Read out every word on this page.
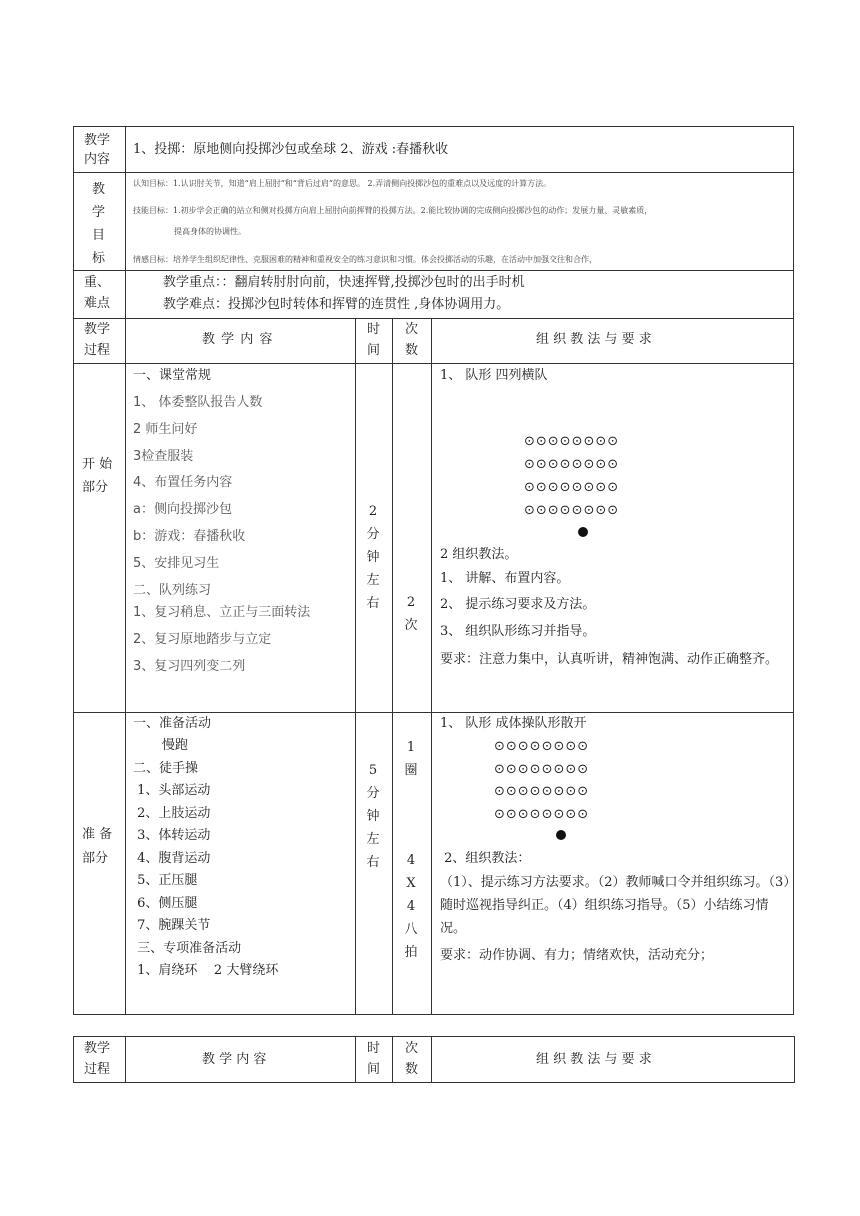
教学
内容
1、投掷：原地侧向投掷沙包或垒球 2、游戏 :春播秋收
教
学
目
标
认知目标：1.认识肘关节，知道“肩上屈肘”和“背后过肩”的意思。 2.弄清侧向投掷沙包的重难点以及远度的计算方法。
技能目标：1.初步学会正确的站立和侧对投掷方向肩上屈肘向前挥臂的投掷方法。2.能比较协调的完成侧向投掷沙包的动作；发展力量、灵敏素质，
提高身体的协调性。
情感目标：培养学生组织纪律性、克服困难的精神和重视安全的练习意识和习惯。体会投掷活动的乐趣，在活动中加强交往和合作，
重、
难点
教学重点：：翻肩转肘肘向前，快速挥臂,投掷沙包时的出手时机
教学难点：投掷沙包时转体和挥臂的连贯性 ,身体协调用力。
教学
过程
教 学 内 容
时
间
次
数
组 织 教 法 与 要 求
开 始
部分
一、课堂常规
1、 体委整队报告人数
2 师生问好
3检查服装
4、布置任务内容
a：侧向投掷沙包
b：游戏：春播秋收
5、安排见习生
二、队列练习
1、复习稍息、立正与三面转法
2、复习原地踏步与立定
3、复习四列变二列
2
分
钟
左
右 2
次
1、 队形 四列横队
⊙⊙⊙⊙⊙⊙⊙⊙
⊙⊙⊙⊙⊙⊙⊙⊙
⊙⊙⊙⊙⊙⊙⊙⊙
⊙⊙⊙⊙⊙⊙⊙⊙
2 组织教法。
1、 讲解、布置内容。
2、 提示练习要求及方法。
3、 组织队形练习并指导。
要求：注意力集中，认真听讲，精神饱满、动作正确整齐。
准 备
部分
一、准备活动
慢跑
二、徒手操
1、头部运动
2、上肢运动
3、体转运动
4、腹背运动
5、正压腿
6、侧压腿
7、腕踝关节
三、专项准备活动
1、肩绕环    2 大臂绕环
5
分
钟
左
右
1
圈
4
X
4
八
拍
1、 队形 成体操队形散开
⊙⊙⊙⊙⊙⊙⊙⊙
⊙⊙⊙⊙⊙⊙⊙⊙
⊙⊙⊙⊙⊙⊙⊙⊙
⊙⊙⊙⊙⊙⊙⊙⊙
2、组织教法：
（1）、提示练习方法要求。（2）教师喊口令并组织练习。（3）随时巡视指导纠正。（4）组织练习指导。（5）小结练习情况。
要求：动作协调、有力；情绪欢快，活动充分；
教学
过程
教 学 内 容
时
间
次
数
组 织 教 法 与 要 求
